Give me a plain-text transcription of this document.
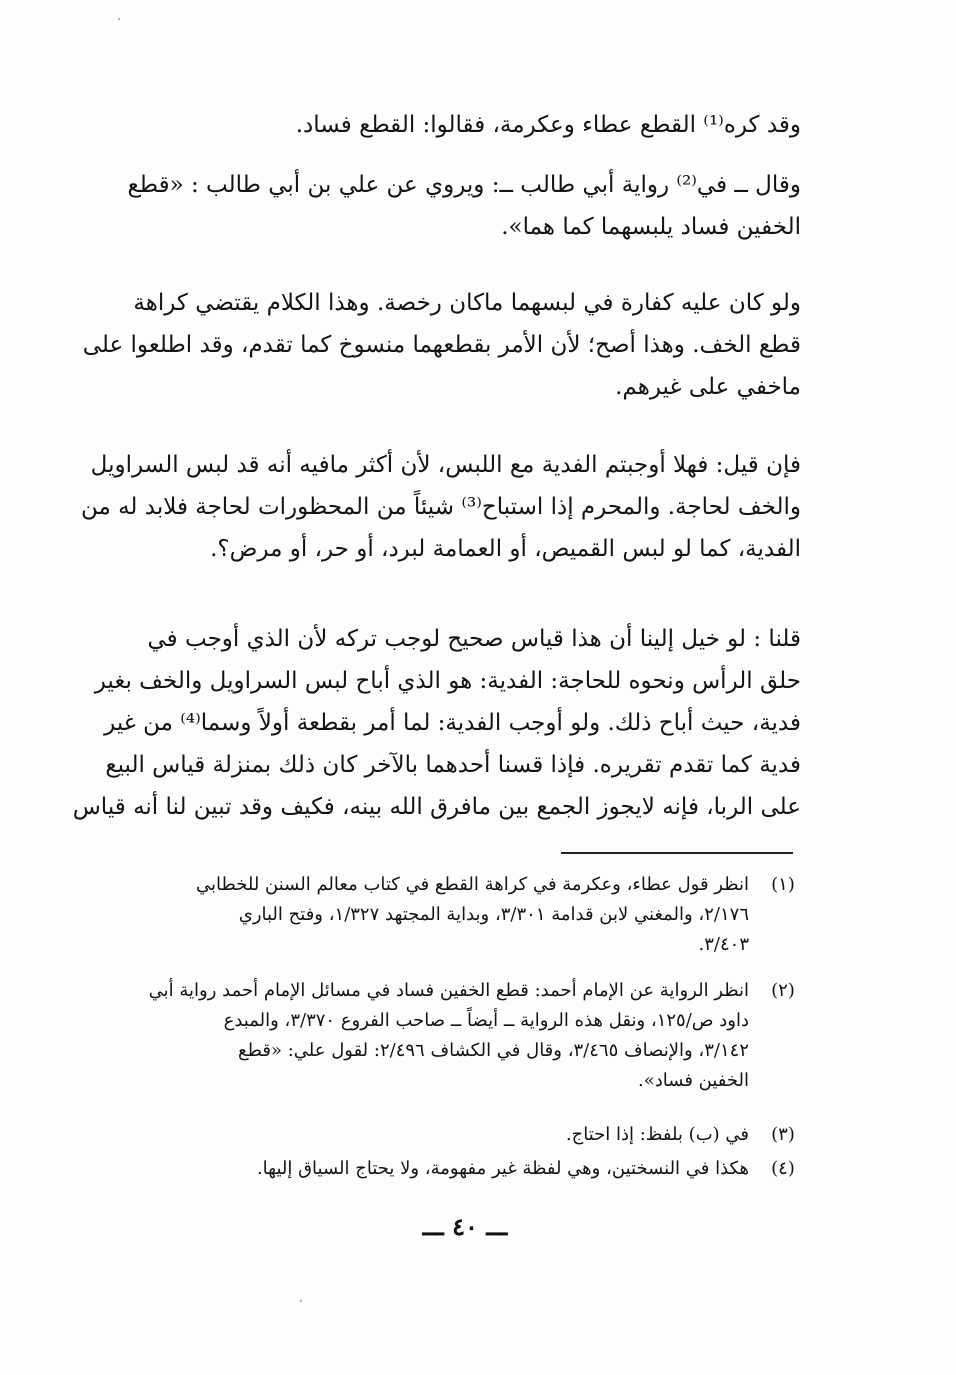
وقد كره⁽¹⁾ القطع عطاء وعكرمة، فقالوا: القطع فساد.
وقال ــ في⁽²⁾ رواية أبي طالب ــ: ويروي عن علي بن أبي طالب : «قطع
الخفين فساد يلبسهما كما هما».
ولو كان عليه كفارة في لبسهما ماكان رخصة. وهذا الكلام يقتضي كراهة
قطع الخف. وهذا أصح؛ لأن الأمر بقطعهما منسوخ كما تقدم، وقد اطلعوا على
ماخفي على غيرهم.
فإن قيل: فهلا أوجبتم الفدية مع اللبس، لأن أكثر مافيه أنه قد لبس السراويل
والخف لحاجة. والمحرم إذا استباح⁽³⁾ شيئاً من المحظورات لحاجة فلابد له من
الفدية، كما لو لبس القميص، أو العمامة لبرد، أو حر، أو مرض؟.
قلنا : لو خيل إلينا أن هذا قياس صحيح لوجب تركه لأن الذي أوجب في
حلق الرأس ونحوه للحاجة: الفدية: هو الذي أباح لبس السراويل والخف بغير
فدية، حيث أباح ذلك. ولو أوجب الفدية: لما أمر بقطعة أولاً وسما⁽⁴⁾ من غير
فدية كما تقدم تقريره. فإذا قسنا أحدهما بالآخر كان ذلك بمنزلة قياس البيع
على الربا، فإنه لايجوز الجمع بين مافرق الله بينه، فكيف وقد تبين لنا أنه قياس
(١)
انظر قول عطاء، وعكرمة في كراهة القطع في كتاب معالم السنن للخطابي
٢/١٧٦، والمغني لابن قدامة ٣/٣٠١، وبداية المجتهد ١/٣٢٧، وفتح الباري
٣/٤٠٣.
(٢)
انظر الرواية عن الإمام أحمد: قطع الخفين فساد في مسائل الإمام أحمد رواية أبي
داود ص/١٢٥، ونقل هذه الرواية ــ أيضاً ــ صاحب الفروع ٣/٣٧٠، والمبدع
٣/١٤٢، والإنصاف ٣/٤٦٥، وقال في الكشاف ٢/٤٩٦: لقول علي: «قطع
الخفين فساد».
(٣)
في (ب) بلفظ: إذا احتاج.
(٤)
هكذا في النسختين، وهي لفظة غير مفهومة، ولا يحتاج السياق إليها.
ـــ ٤٠ ـــ
